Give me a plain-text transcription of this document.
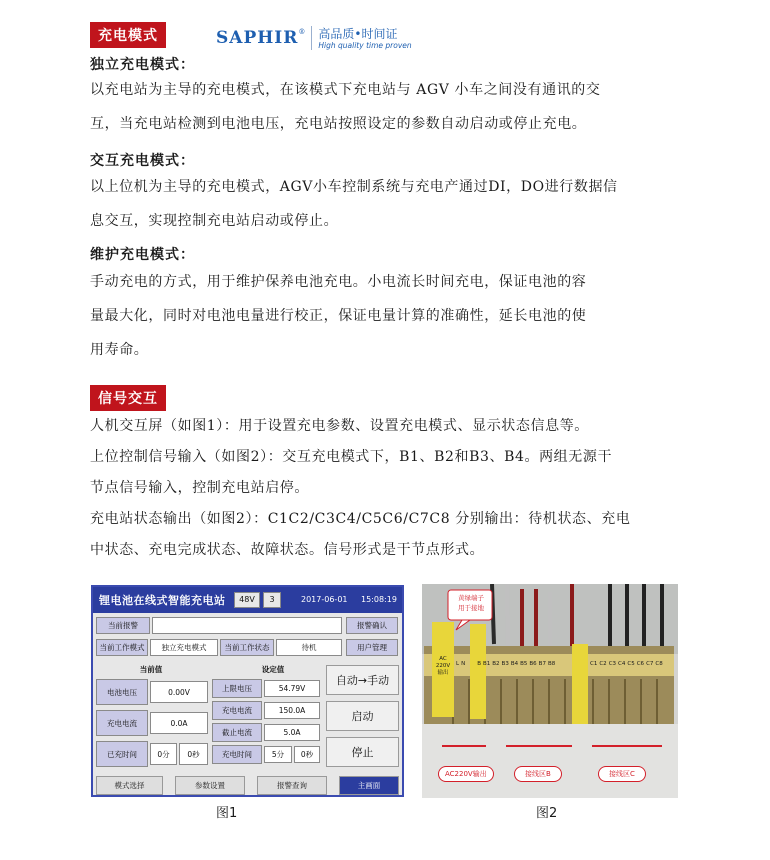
充电模式	SAPHIR® 高品质•时间证
High quality time proven
独立充电模式：
以充电站为主导的充电模式，在该模式下充电站与 AGV 小车之间没有通讯的交
互，当充电站检测到电池电压，充电站按照设定的参数自动启动或停止充电。
交互充电模式：
以上位机为主导的充电模式，AGV小车控制系统与充电产通过DI，DO进行数据信
息交互，实现控制充电站启动或停止。
维护充电模式：
手动充电的方式，用于维护保养电池充电。小电流长时间充电，保证电池的容
量最大化，同时对电池电量进行校正，保证电量计算的准确性，延长电池的使
用寿命。
信号交互
人机交互屏（如图1）：用于设置充电参数、设置充电模式、显示状态信息等。
上位控制信号输入（如图2）：交互充电模式下，B1、B2和B3、B4。两组无源干
节点信号输入，控制充电站启停。
充电站状态输出（如图2）：C1C2/C3C4/C5C6/C7C8 分别输出：待机状态、充电
中状态、充电完成状态、故障状态。信号形式是干节点形式。
锂电池在线式智能充电站	48V	3	2017-06-01 15:08:19
当前报警	报警确认
当前工作模式	独立充电模式	当前工作状态	待机	用户管理
当前值	设定值
电池电压	0.00V
充电电流	0.0A
已充时间	0分	0秒
上限电压	54.79V
充电电流	150.0A
截止电流	5.0A
充电时间	5分	0秒
自动→手动
启动
停止
模式选择	参数设置	报警查询	主画面
图1
黄绿端子
用于接地
AC
220V
输出
L N B B1 B2 B3 B4 B5 B6 B7 B8	C1 C2 C3 C4 C5 C6 C7 C8
AC220V输出	接线区B	接线区C
图2
